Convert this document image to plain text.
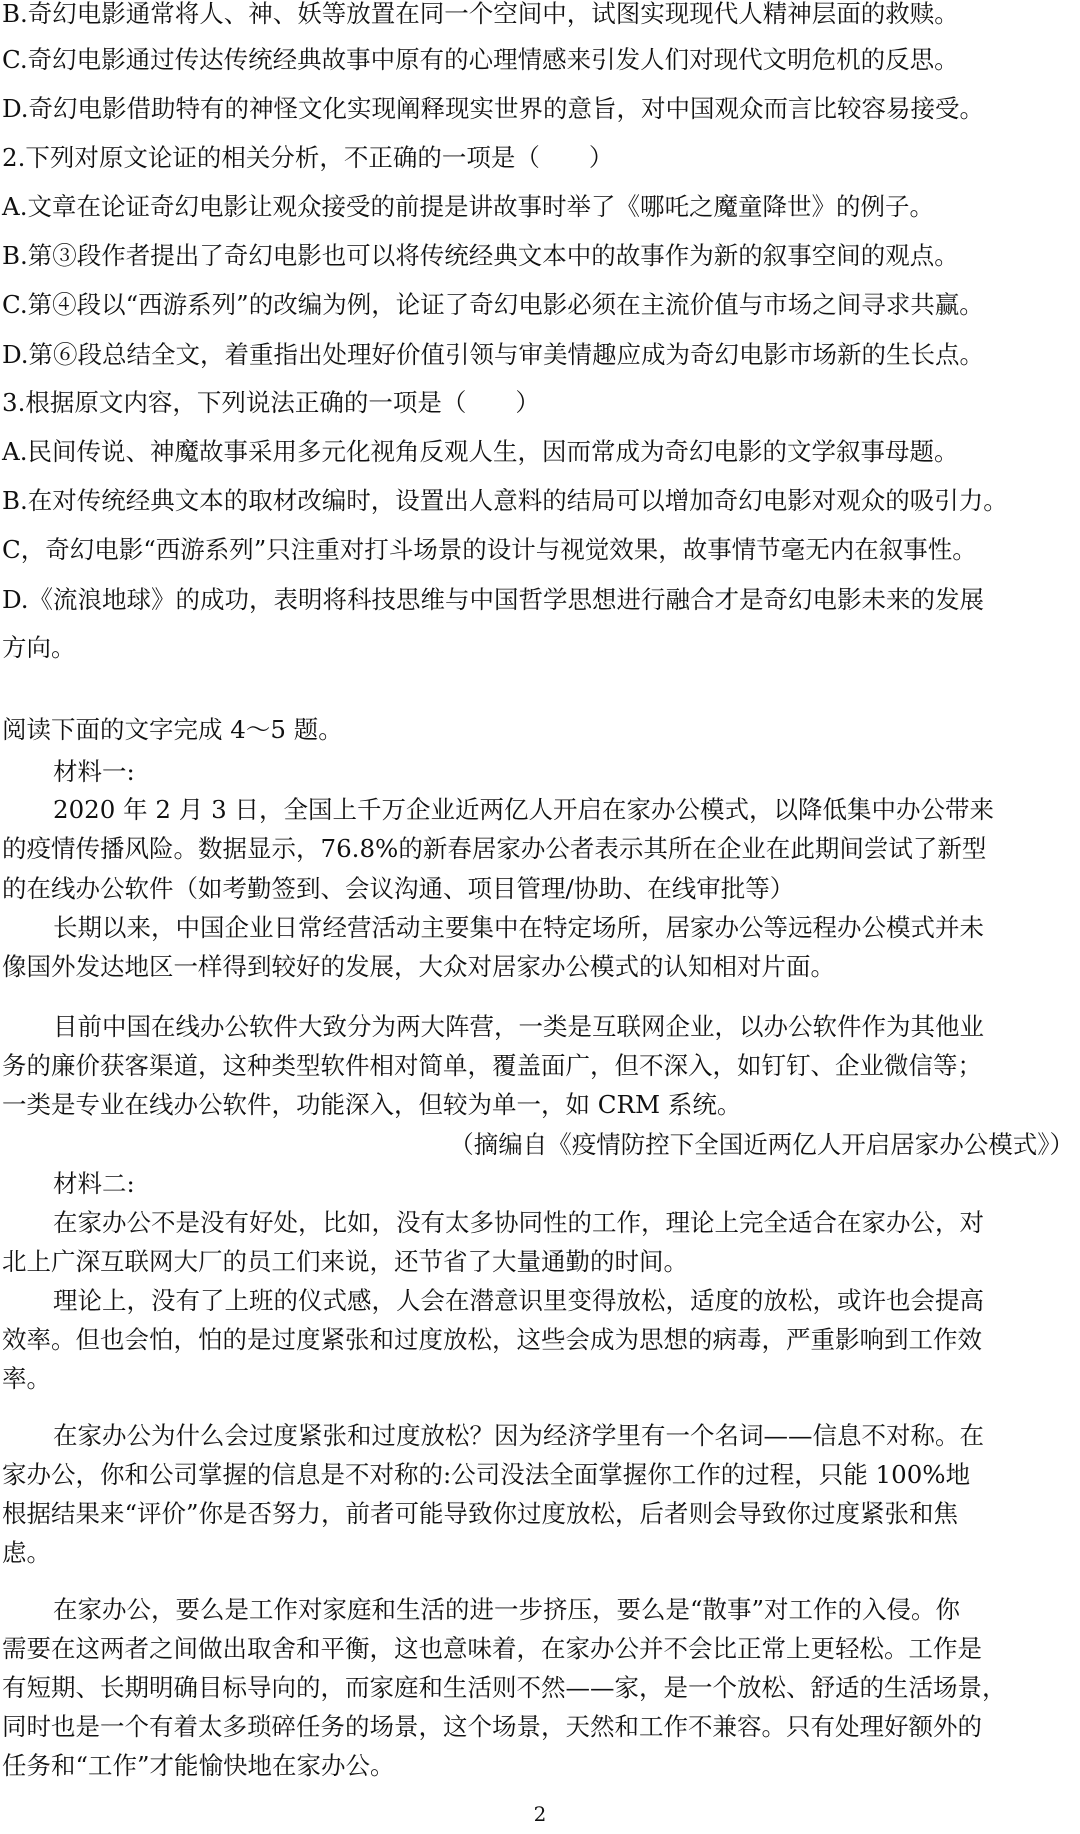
B.奇幻电影通常将人、神、妖等放置在同一个空间中，试图实现现代人精神层面的救赎。
C.奇幻电影通过传达传统经典故事中原有的心理情感来引发人们对现代文明危机的反思。
D.奇幻电影借助特有的神怪文化实现阐释现实世界的意旨，对中国观众而言比较容易接受。
2.下列对原文论证的相关分析，不正确的一项是（　　）
A.文章在论证奇幻电影让观众接受的前提是讲故事时举了《哪吒之魔童降世》的例子。
B.第③段作者提出了奇幻电影也可以将传统经典文本中的故事作为新的叙事空间的观点。
C.第④段以“西游系列”的改编为例，论证了奇幻电影必须在主流价值与市场之间寻求共赢。
D.第⑥段总结全文，着重指出处理好价值引领与审美情趣应成为奇幻电影市场新的生长点。
3.根据原文内容，下列说法正确的一项是（　　）
A.民间传说、神魔故事采用多元化视角反观人生，因而常成为奇幻电影的文学叙事母题。
B.在对传统经典文本的取材改编时，设置出人意料的结局可以增加奇幻电影对观众的吸引力。
C，奇幻电影“西游系列”只注重对打斗场景的设计与视觉效果，故事情节毫无内在叙事性。
D.《流浪地球》的成功，表明将科技思维与中国哲学思想进行融合才是奇幻电影未来的发展
方向。
阅读下面的文字完成 4～5 题。
材料一:
2020 年 2 月 3 日，全国上千万企业近两亿人开启在家办公模式，以降低集中办公带来
的疫情传播风险。数据显示，76.8%的新春居家办公者表示其所在企业在此期间尝试了新型
的在线办公软件（如考勤签到、会议沟通、项目管理/协助、在线审批等）
长期以来，中国企业日常经营活动主要集中在特定场所，居家办公等远程办公模式并未
像国外发达地区一样得到较好的发展，大众对居家办公模式的认知相对片面。
目前中国在线办公软件大致分为两大阵营，一类是互联网企业，以办公软件作为其他业
务的廉价获客渠道，这种类型软件相对简单，覆盖面广，但不深入，如钉钉、企业微信等；
一类是专业在线办公软件，功能深入，但较为单一，如 CRM 系统。
（摘编自《疫情防控下全国近两亿人开启居家办公模式》）
材料二:
在家办公不是没有好处，比如，没有太多协同性的工作，理论上完全适合在家办公，对
北上广深互联网大厂的员工们来说，还节省了大量通勤的时间。
理论上，没有了上班的仪式感，人会在潜意识里变得放松，适度的放松，或许也会提高
效率。但也会怕，怕的是过度紧张和过度放松，这些会成为思想的病毒，严重影响到工作效
率。
在家办公为什么会过度紧张和过度放松？因为经济学里有一个名词——信息不对称。在
家办公，你和公司掌握的信息是不对称的:公司没法全面掌握你工作的过程，只能 100%地
根据结果来“评价”你是否努力，前者可能导致你过度放松，后者则会导致你过度紧张和焦
虑。
在家办公，要么是工作对家庭和生活的进一步挤压，要么是“散事”对工作的入侵。你
需要在这两者之间做出取舍和平衡，这也意味着，在家办公并不会比正常上更轻松。工作是
有短期、长期明确目标导向的，而家庭和生活则不然——家，是一个放松、舒适的生活场景，
同时也是一个有着太多琐碎任务的场景，这个场景，天然和工作不兼容。只有处理好额外的
任务和“工作”才能愉快地在家办公。
2
